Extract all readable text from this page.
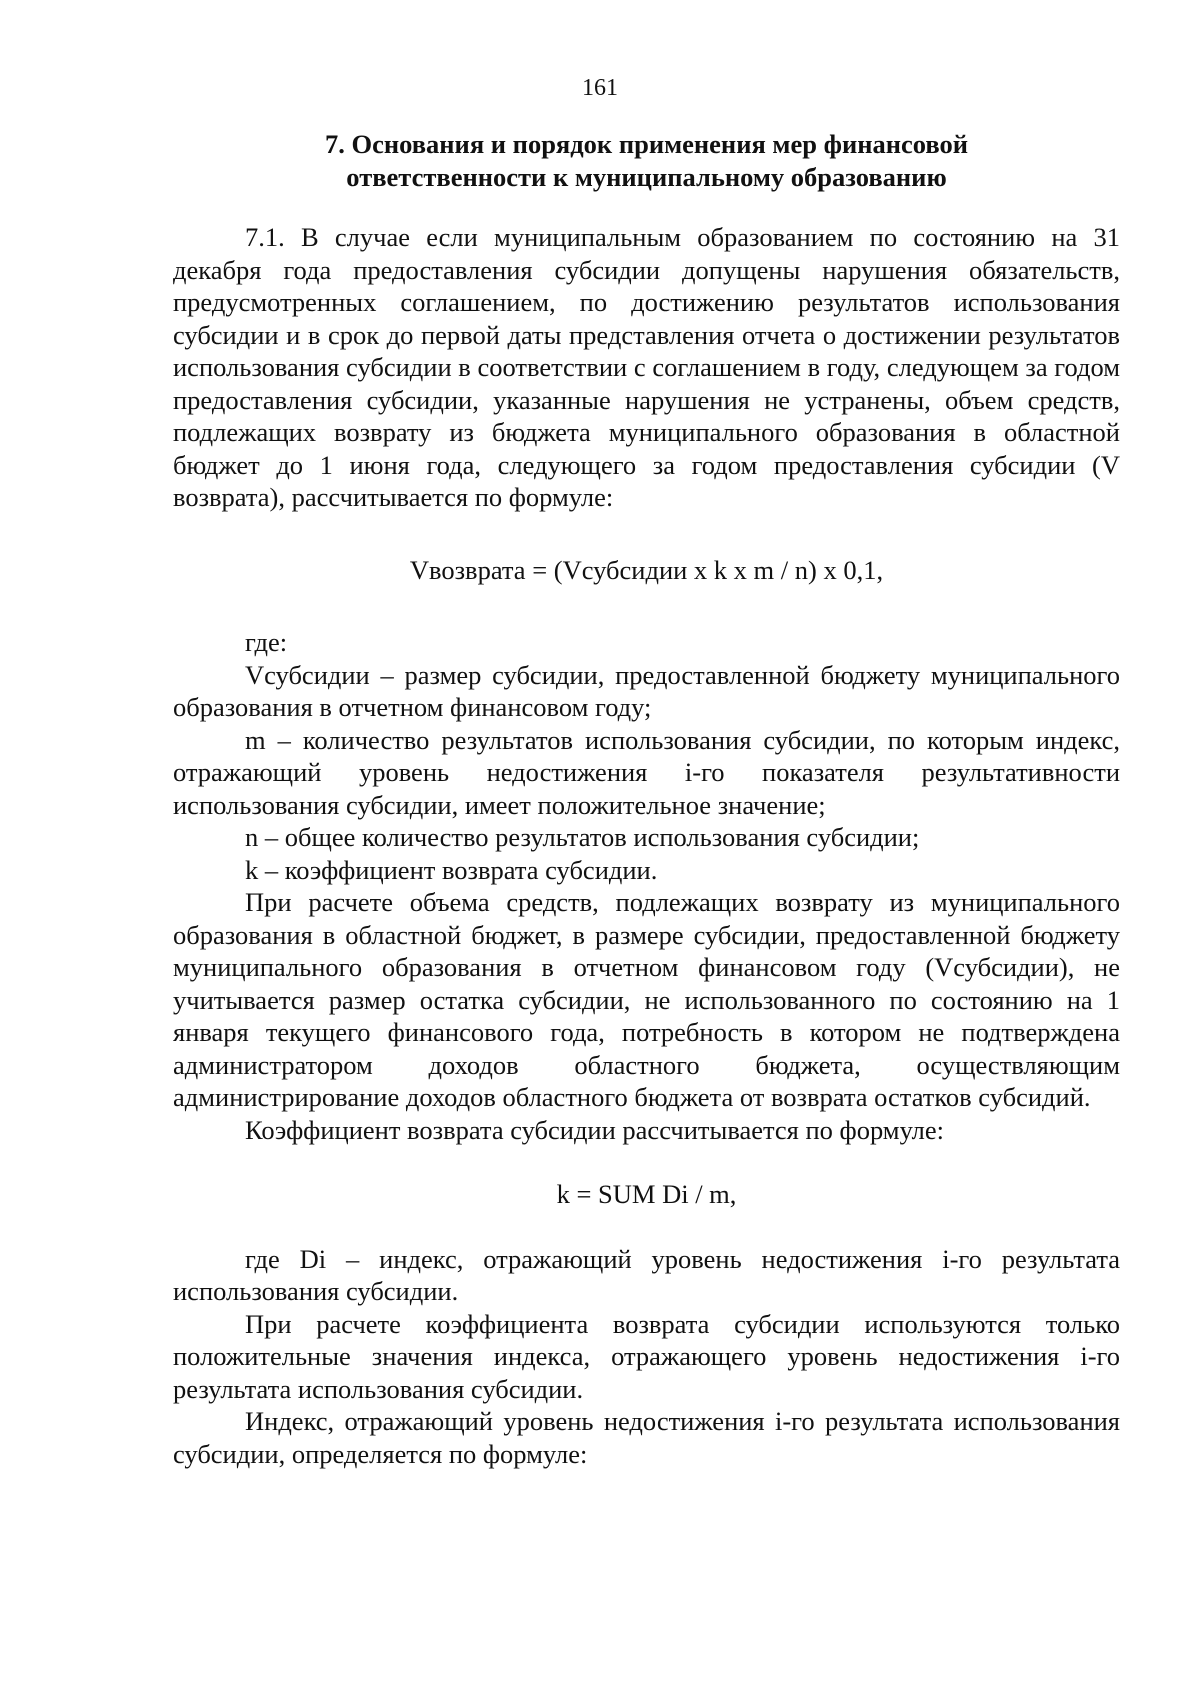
161
7. Основания и порядок применения мер финансовой
ответственности к муниципальному образованию

7.1. В случае если муниципальным образованием по состоянию на 31 декабря года предоставления субсидии допущены нарушения обязательств, предусмотренных соглашением, по достижению результатов использования субсидии и в срок до первой даты представления отчета о достижении результатов использования субсидии в соответствии с соглашением в году, следующем за годом предоставления субсидии, указанные нарушения не устранены, объем средств, подлежащих возврату из бюджета муниципального образования в областной бюджет до 1 июня года, следующего за годом предоставления субсидии (V возврата), рассчитывается по формуле:

Vвозврата = (Vсубсидии x k x m / n) x 0,1,

где:

Vсубсидии – размер субсидии, предоставленной бюджету муниципального образования в отчетном финансовом году;

m – количество результатов использования субсидии, по которым индекс, отражающий уровень недостижения i-го показателя результативности использования субсидии, имеет положительное значение;

n – общее количество результатов использования субсидии;

k – коэффициент возврата субсидии.

При расчете объема средств, подлежащих возврату из муниципального образования в областной бюджет, в размере субсидии, предоставленной бюджету муниципального образования в отчетном финансовом году (Vсубсидии), не учитывается размер остатка субсидии, не использованного по состоянию на 1 января текущего финансового года, потребность в котором не подтверждена администратором доходов областного бюджета, осуществляющим администрирование доходов областного бюджета от возврата остатков субсидий.

Коэффициент возврата субсидии рассчитывается по формуле:

k = SUM Di / m,

где Di – индекс, отражающий уровень недостижения i-го результата использования субсидии.

При расчете коэффициента возврата субсидии используются только положительные значения индекса, отражающего уровень недостижения i-го результата использования субсидии.

Индекс, отражающий уровень недостижения i-го результата использования субсидии, определяется по формуле:
